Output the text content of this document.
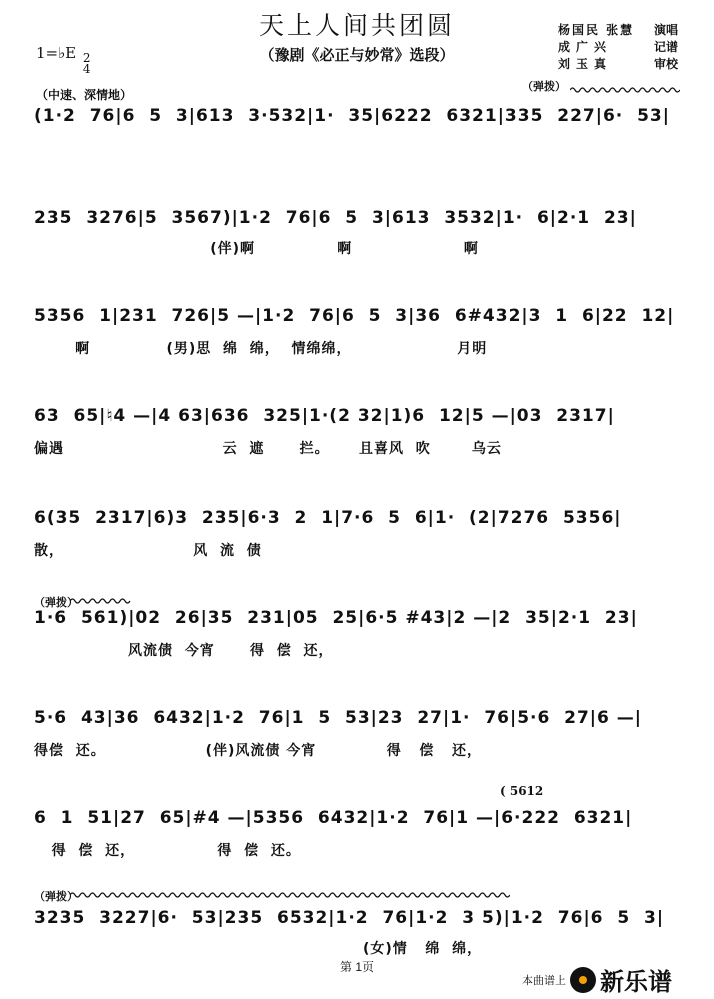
天上人间共团圆
（豫剧《必正与妙常》选段）
1=♭E 2
4
杨国民 张慧	演唱
成广兴	记谱
刘玉真	审校
（中速、深情地）
（弹拨）
(1·2  76|6  5  3|613  3·532|1·  35|6222  6321|335  227|6·  53|
235  3276|5  3567)|1·2  76|6  5  3|613  3532|1·  6|2·1  23|
(伴)啊              啊                   啊
5356  1|231  726|5 —|1·2  76|6  5  3|36  6#432|3  1  6|22  12|
啊             (男)思  绵  绵，  情绵绵，                  月明
63  65|♮4 —|4 63|636  325|1·(2 32|1)6  12|5 —|03  2317|
偏遇                           云  遮      拦。     且喜风  吹       乌云
6(35  2317|6)3  235|6·3  2  1|7·6  5  6|1·  (2|7276  5356|
散，                      风  流  债
（弹拨）
1·6  561)|02  26|35  231|05  25|6·5 #43|2 —|2  35|2·1  23|
风流债  今宵      得  偿  还，
5·6  43|36  6432|1·2  76|1  5  53|23  27|1·  76|5·6  27|6 —|
得偿  还。                 (伴)风流债 今宵            得   偿   还，
( 5612
6  1  51|27  65|#4 —|5356  6432|1·2  76|1 —|6·222  6321|
得  偿  还，              得  偿  还。
（弹拨）
3235  3227|6·  53|235  6532|1·2  76|1·2  3 5)|1·2  76|6  5  3|
(女)情   绵  绵，
第 1页
本曲谱上 新乐谱
